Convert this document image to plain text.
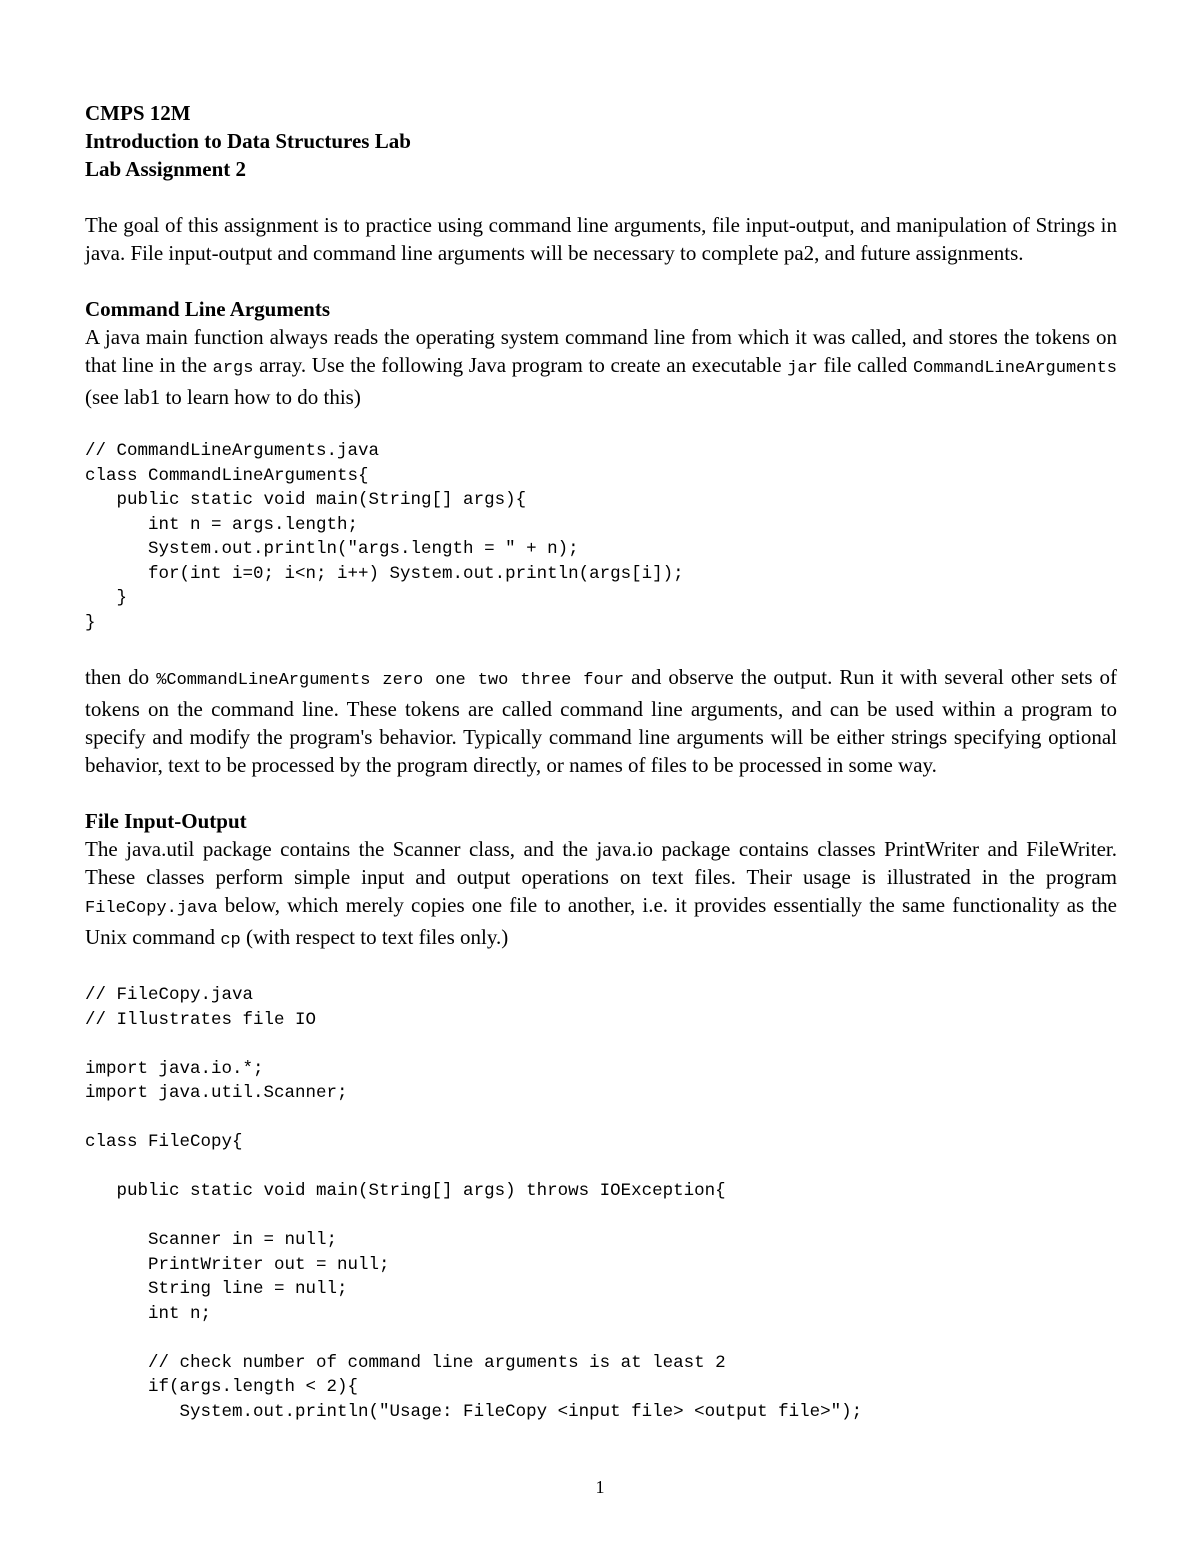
CMPS 12M
Introduction to Data Structures Lab
Lab Assignment 2

The goal of this assignment is to practice using command line arguments, file input-output, and manipulation of Strings in java. File input-output and command line arguments will be necessary to complete pa2, and future assignments.

Command Line Arguments

A java main function always reads the operating system command line from which it was called, and stores the tokens on that line in the args array. Use the following Java program to create an executable jar file called CommandLineArguments (see lab1 to learn how to do this)

// CommandLineArguments.java
class CommandLineArguments{
public static void main(String[] args){
int n = args.length;
System.out.println("args.length = " + n);
for(int i=0; i<n; i++) System.out.println(args[i]);
}
}

then do %CommandLineArguments zero one two three four and observe the output. Run it with several other sets of tokens on the command line. These tokens are called command line arguments, and can be used within a program to specify and modify the program's behavior. Typically command line arguments will be either strings specifying optional behavior, text to be processed by the program directly, or names of files to be processed in some way.

File Input-Output

The java.util package contains the Scanner class, and the java.io package contains classes PrintWriter and FileWriter. These classes perform simple input and output operations on text files. Their usage is illustrated in the program FileCopy.java below, which merely copies one file to another, i.e. it provides essentially the same functionality as the Unix command cp (with respect to text files only.)

// FileCopy.java
// Illustrates file IO

import java.io.*;
import java.util.Scanner;

class FileCopy{

public static void main(String[] args) throws IOException{

Scanner in = null;
PrintWriter out = null;
String line = null;
int n;

// check number of command line arguments is at least 2
if(args.length < 2){
System.out.println("Usage: FileCopy <input file> <output file>");
1
